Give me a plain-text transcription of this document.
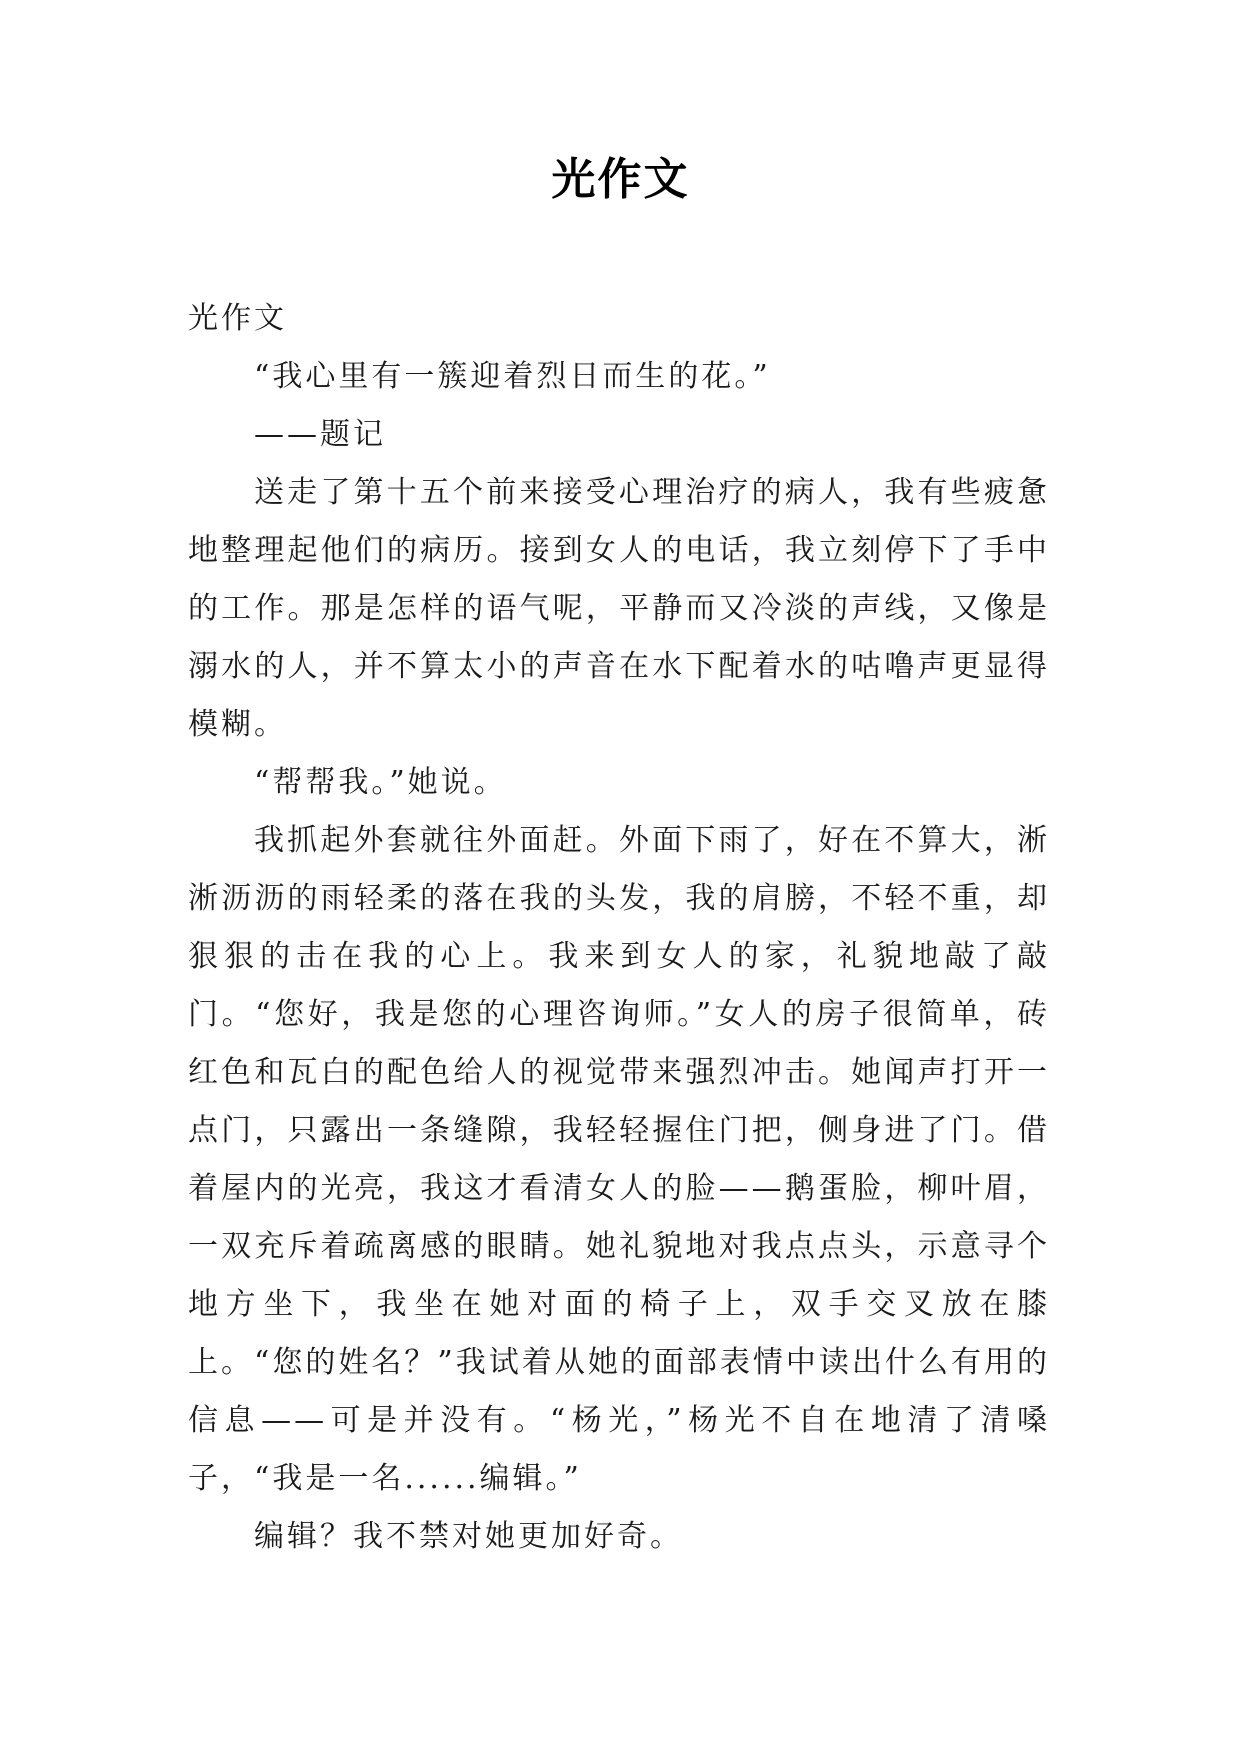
光作文

光作文

“我心里有一簇迎着烈日而生的花。”

——题记

送走了第十五个前来接受心理治疗的病人，我有些疲惫地整理起他们的病历。接到女人的电话，我立刻停下了手中的工作。那是怎样的语气呢，平静而又冷淡的声线，又像是溺水的人，并不算太小的声音在水下配着水的咕噜声更显得模糊。

“帮帮我。”她说。

我抓起外套就往外面赶。外面下雨了，好在不算大，淅淅沥沥的雨轻柔的落在我的头发，我的肩膀，不轻不重，却狠狠的击在我的心上。我来到女人的家，礼貌地敲了敲门。“您好，我是您的心理咨询师。”女人的房子很简单，砖红色和瓦白的配色给人的视觉带来强烈冲击。她闻声打开一点门，只露出一条缝隙，我轻轻握住门把，侧身进了门。借着屋内的光亮，我这才看清女人的脸——鹅蛋脸，柳叶眉，一双充斥着疏离感的眼睛。她礼貌地对我点点头，示意寻个地方坐下，我坐在她对面的椅子上，双手交叉放在膝上。“您的姓名？”我试着从她的面部表情中读出什么有用的信息——可是并没有。“杨光，”杨光不自在地清了清嗓子，“我是一名......编辑。”

编辑？我不禁对她更加好奇。
